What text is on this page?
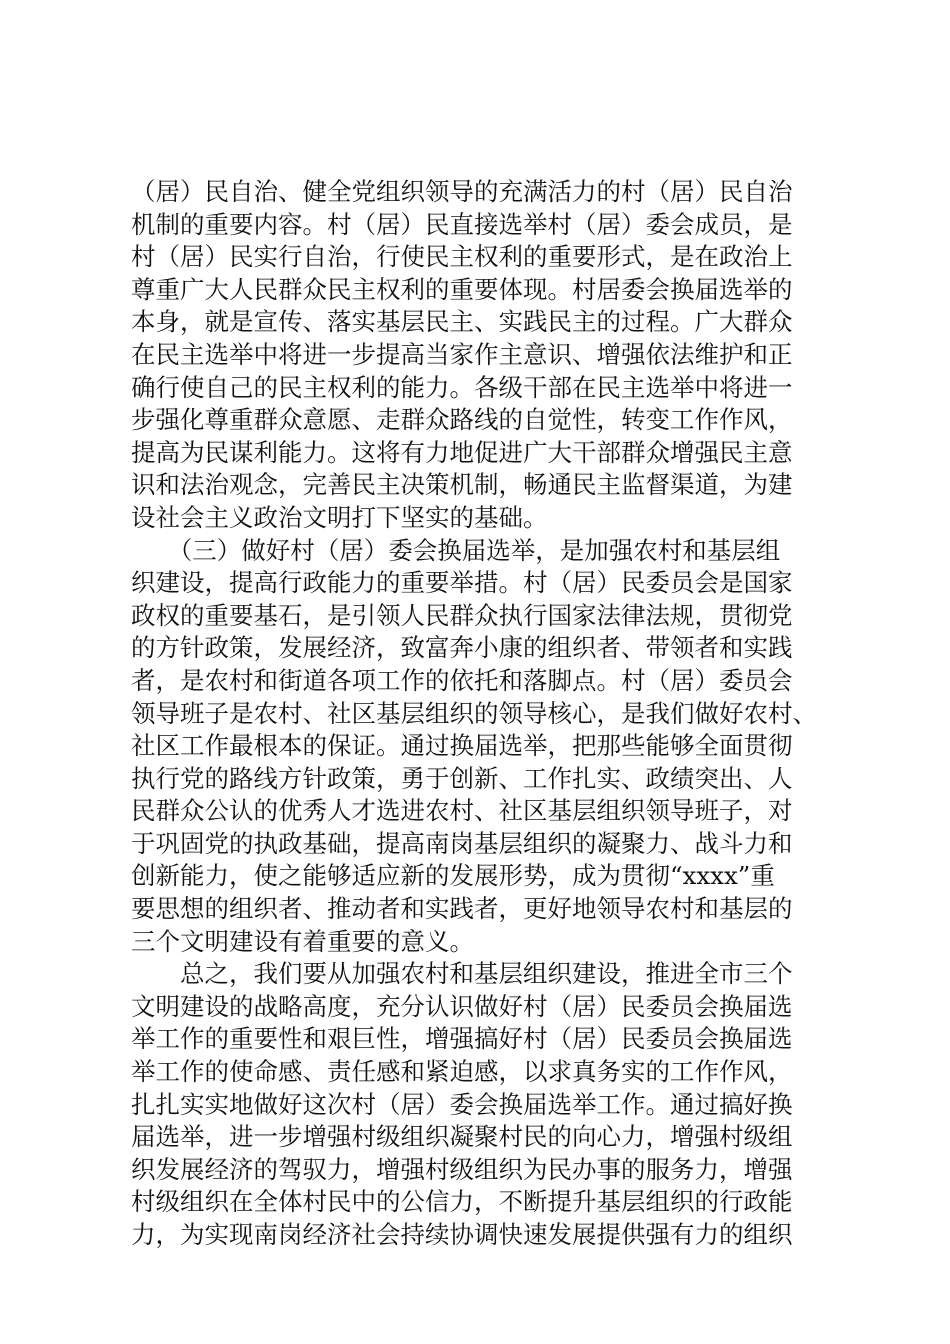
（居）民自治、健全党组织领导的充满活力的村（居）民自治
机制的重要内容。村（居）民直接选举村（居）委会成员，是
村（居）民实行自治，行使民主权利的重要形式，是在政治上
尊重广大人民群众民主权利的重要体现。村居委会换届选举的
本身，就是宣传、落实基层民主、实践民主的过程。广大群众
在民主选举中将进一步提高当家作主意识、增强依法维护和正
确行使自己的民主权利的能力。各级干部在民主选举中将进一
步强化尊重群众意愿、走群众路线的自觉性，转变工作作风，
提高为民谋利能力。这将有力地促进广大干部群众增强民主意
识和法治观念，完善民主决策机制，畅通民主监督渠道，为建
设社会主义政治文明打下坚实的基础。
　　（三）做好村（居）委会换届选举，是加强农村和基层组
织建设，提高行政能力的重要举措。村（居）民委员会是国家
政权的重要基石，是引领人民群众执行国家法律法规，贯彻党
的方针政策，发展经济，致富奔小康的组织者、带领者和实践
者，是农村和街道各项工作的依托和落脚点。村（居）委员会
领导班子是农村、社区基层组织的领导核心，是我们做好农村、
社区工作最根本的保证。通过换届选举，把那些能够全面贯彻
执行党的路线方针政策，勇于创新、工作扎实、政绩突出、人
民群众公认的优秀人才选进农村、社区基层组织领导班子，对
于巩固党的执政基础，提高南岗基层组织的凝聚力、战斗力和
创新能力，使之能够适应新的发展形势，成为贯彻“xxxx”重
要思想的组织者、推动者和实践者，更好地领导农村和基层的
三个文明建设有着重要的意义。
　　总之，我们要从加强农村和基层组织建设，推进全市三个
文明建设的战略高度，充分认识做好村（居）民委员会换届选
举工作的重要性和艰巨性，增强搞好村（居）民委员会换届选
举工作的使命感、责任感和紧迫感，以求真务实的工作作风，
扎扎实实地做好这次村（居）委会换届选举工作。通过搞好换
届选举，进一步增强村级组织凝聚村民的向心力，增强村级组
织发展经济的驾驭力，增强村级组织为民办事的服务力，增强
村级组织在全体村民中的公信力，不断提升基层组织的行政能
力，为实现南岗经济社会持续协调快速发展提供强有力的组织
